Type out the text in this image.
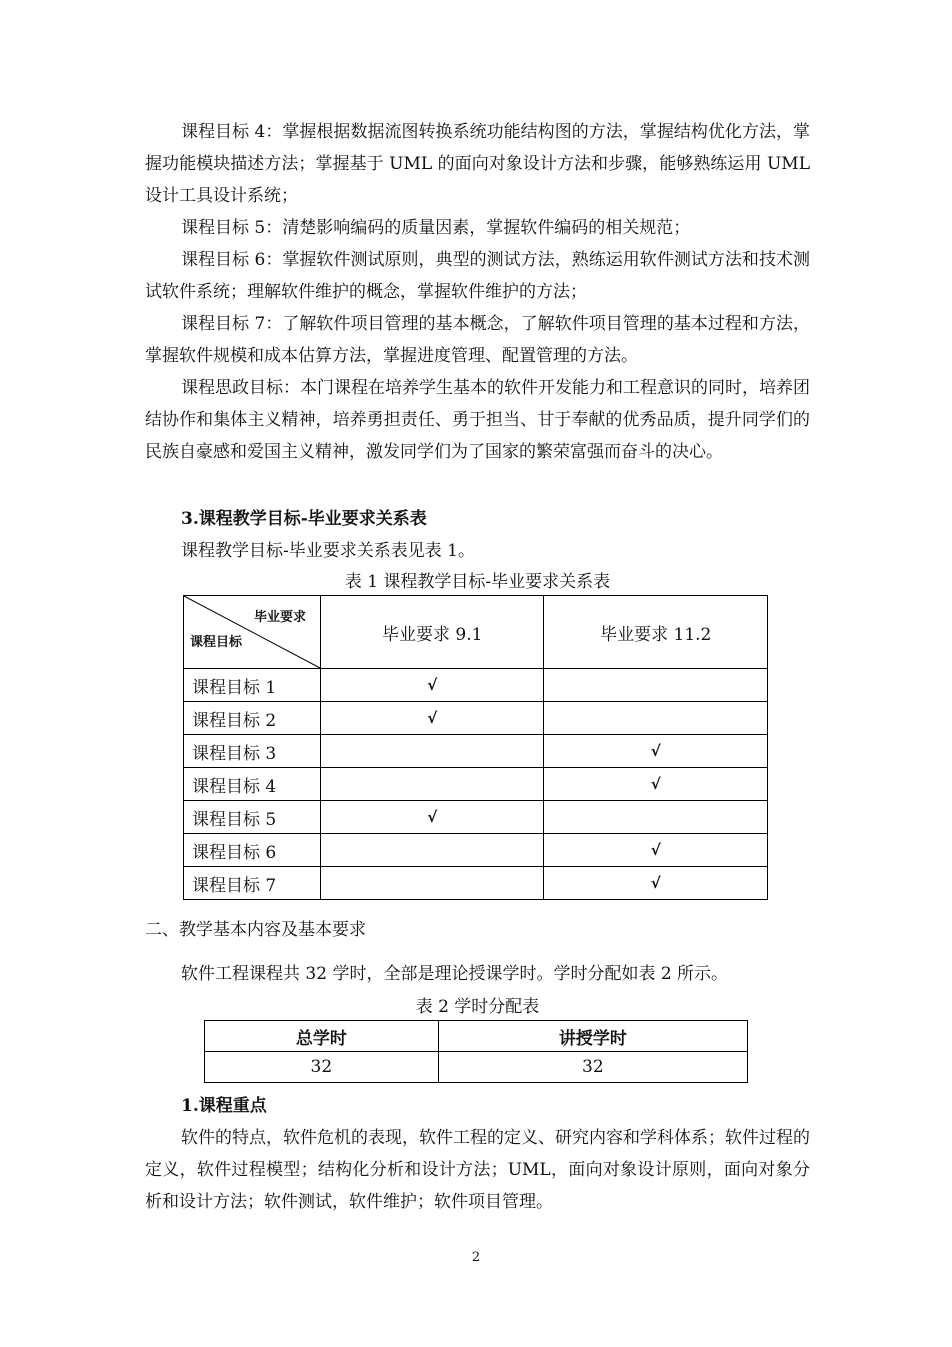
课程目标 4：掌握根据数据流图转换系统功能结构图的方法，掌握结构优化方法，掌握功能模块描述方法；掌握基于 UML 的面向对象设计方法和步骤，能够熟练运用 UML 设计工具设计系统；

课程目标 5：清楚影响编码的质量因素，掌握软件编码的相关规范；

课程目标 6：掌握软件测试原则，典型的测试方法，熟练运用软件测试方法和技术测试软件系统；理解软件维护的概念，掌握软件维护的方法；

课程目标 7：了解软件项目管理的基本概念，了解软件项目管理的基本过程和方法，掌握软件规模和成本估算方法，掌握进度管理、配置管理的方法。

课程思政目标：本门课程在培养学生基本的软件开发能力和工程意识的同时，培养团结协作和集体主义精神，培养勇担责任、勇于担当、甘于奉献的优秀品质，提升同学们的民族自豪感和爱国主义精神，激发同学们为了国家的繁荣富强而奋斗的决心。

3.课程教学目标-毕业要求关系表

课程教学目标-毕业要求关系表见表 1。

表 1 课程教学目标-毕业要求关系表

毕业要求
课程目标	毕业要求 9.1	毕业要求 11.2
课程目标 1	√	
课程目标 2	√	
课程目标 3		√
课程目标 4		√
课程目标 5	√	
课程目标 6		√
课程目标 7		√

二、教学基本内容及基本要求

软件工程课程共 32 学时，全部是理论授课学时。学时分配如表 2 所示。

表 2 学时分配表

总学时	讲授学时
32	32

1.课程重点

软件的特点，软件危机的表现，软件工程的定义、研究内容和学科体系；软件过程的定义，软件过程模型；结构化分析和设计方法；UML，面向对象设计原则，面向对象分析和设计方法；软件测试，软件维护；软件项目管理。

2
